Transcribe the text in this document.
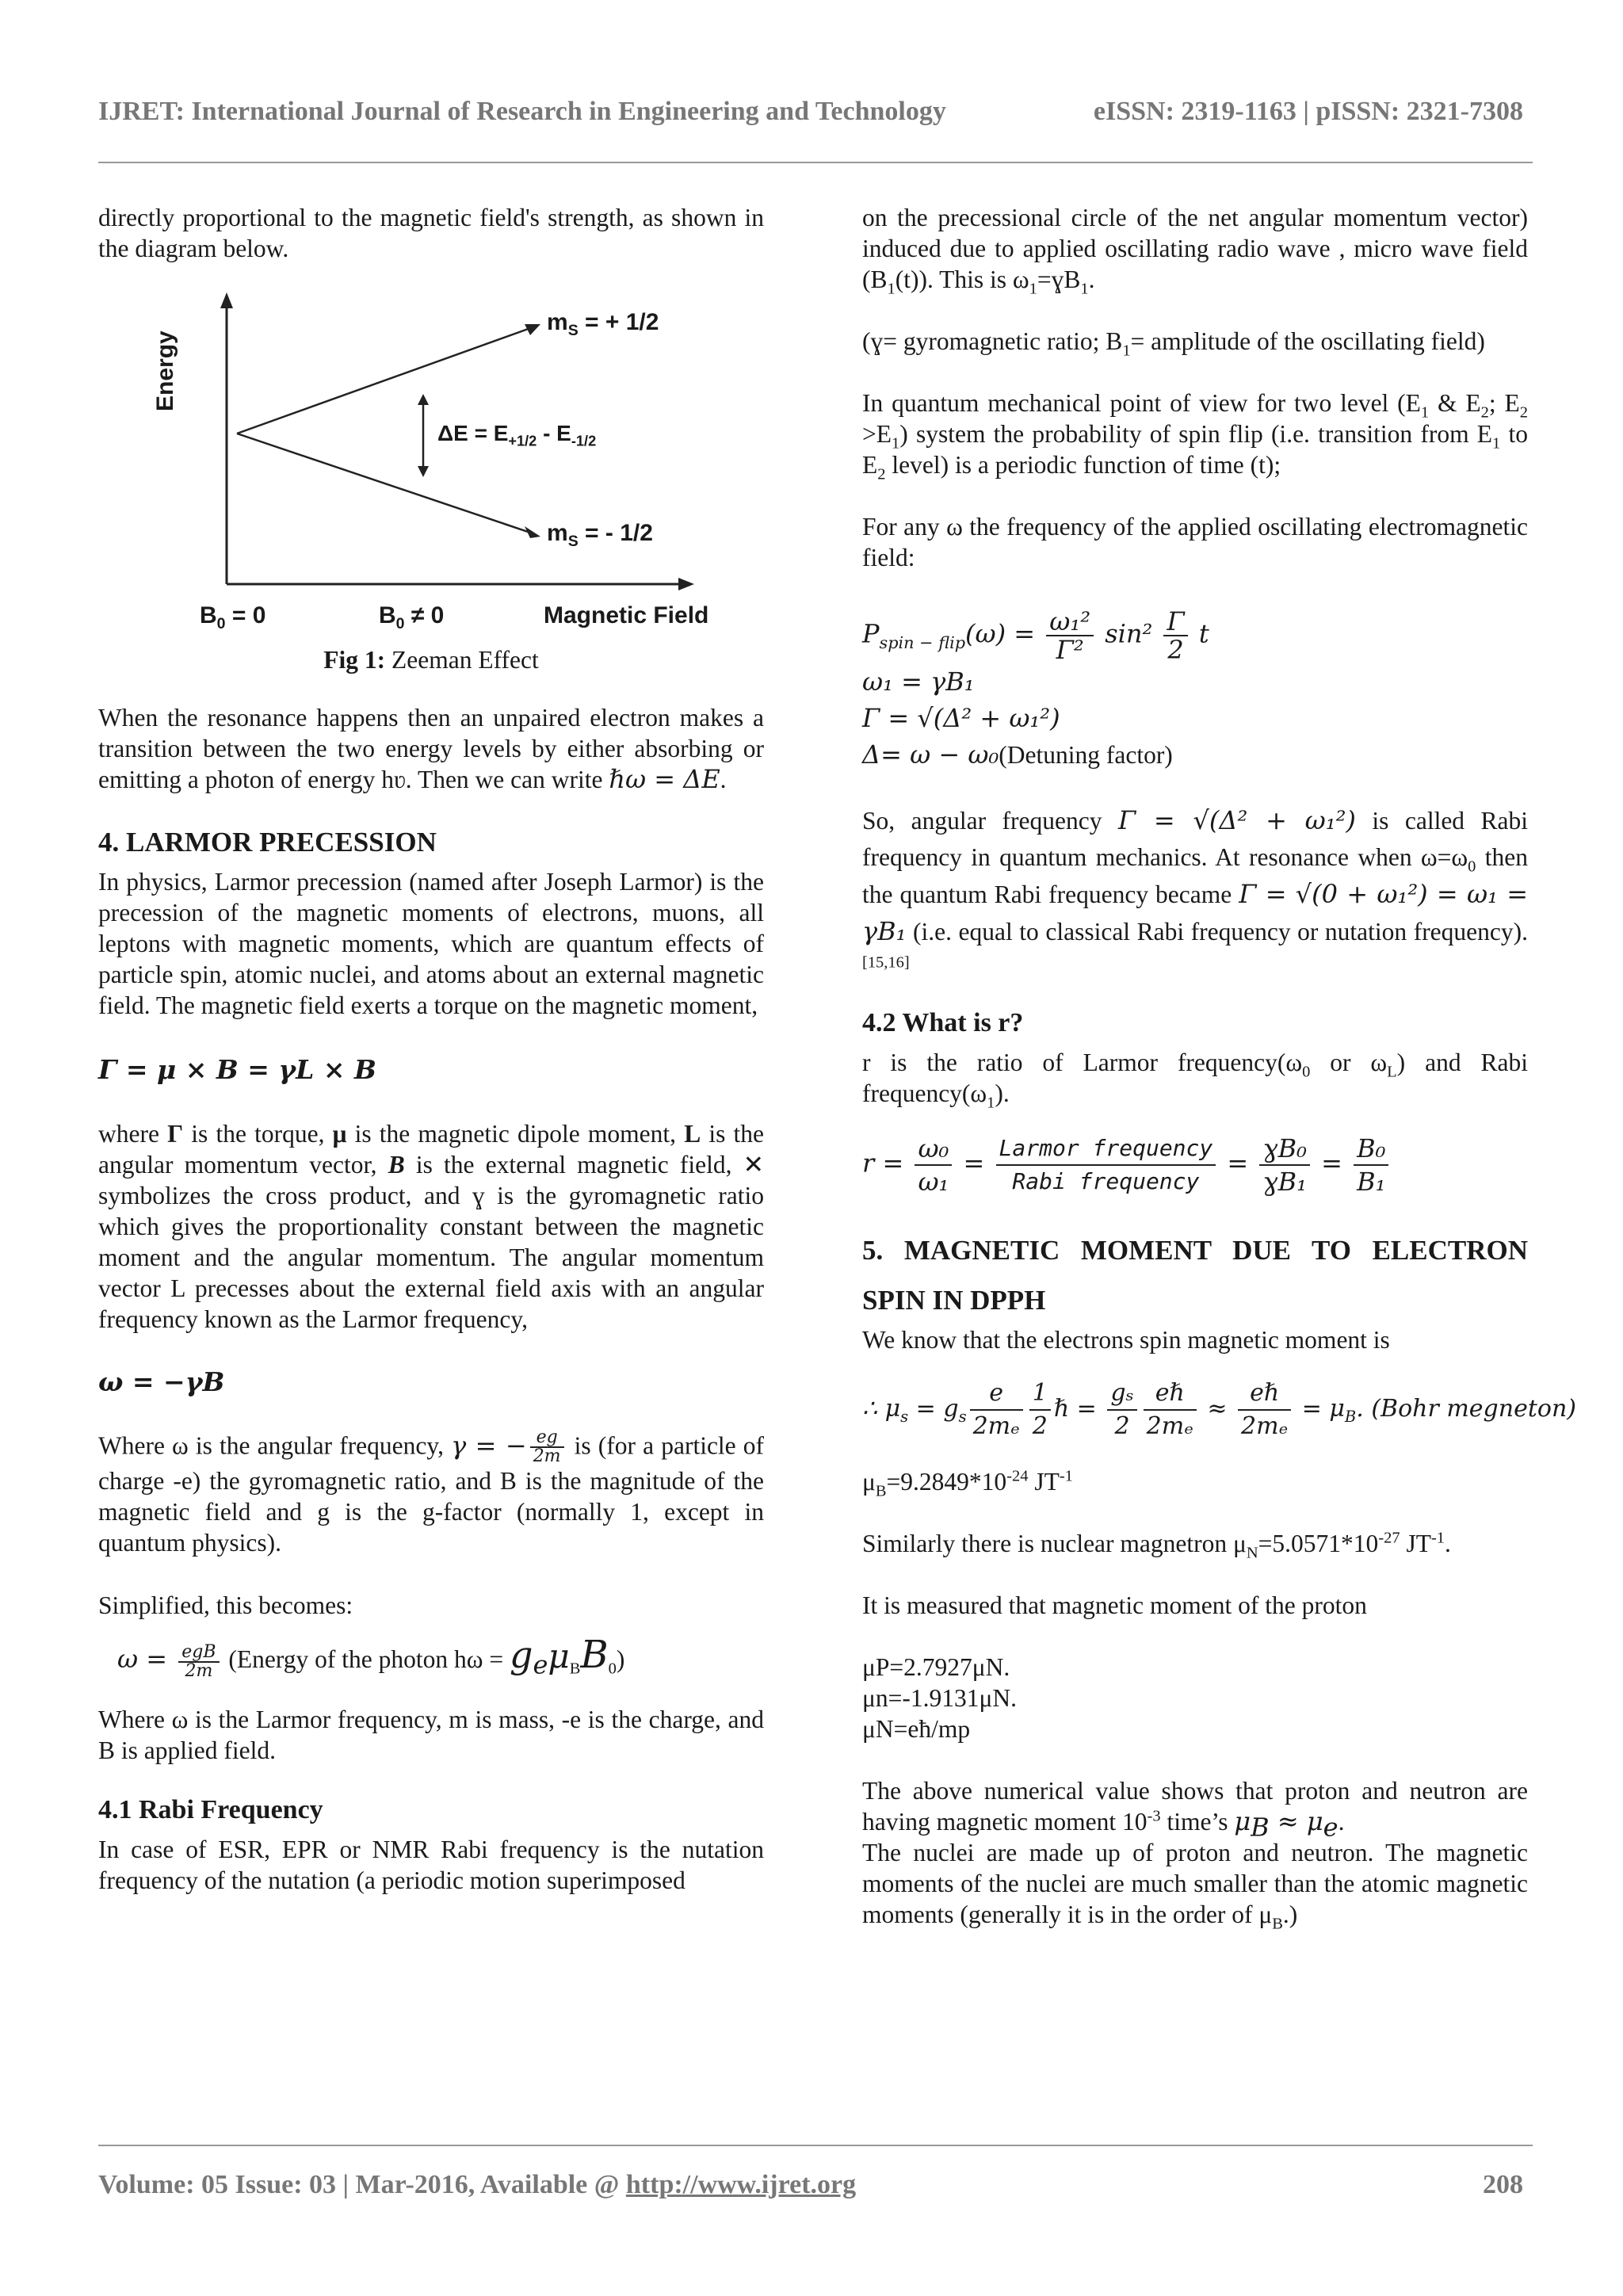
IJRET: International Journal of Research in Engineering and Technology	eISSN: 2319-1163 | pISSN: 2321-7308

directly proportional to the magnetic field's strength, as shown in the diagram below.

Energy
$m_S$ = + 1/2
$m_S$ = - 1/2
$\Delta E = E_{+1/2} - E_{-1/2}$
$B_0 = 0$	$B_0 \ne 0$	Magnetic Field

Fig 1: Zeeman Effect

When the resonance happens then an unpaired electron makes a transition between the two energy levels by either absorbing or emitting a photon of energy hʋ. Then we can write ℏω = ΔE.

4. LARMOR PRECESSION

In physics, Larmor precession (named after Joseph Larmor) is the precession of the magnetic moments of electrons, muons, all leptons with magnetic moments, which are quantum effects of particle spin, atomic nuclei, and atoms about an external magnetic field. The magnetic field exerts a torque on the magnetic moment,

Γ = μ × B = γL × B

where Γ is the torque, μ is the magnetic dipole moment, L is the angular momentum vector, B is the external magnetic field, ✕ symbolizes the cross product, and ɣ is the gyromagnetic ratio which gives the proportionality constant between the magnetic moment and the angular momentum. The angular momentum vector L precesses about the external field axis with an angular frequency known as the Larmor frequency,

ω = −γB

Where ω is the angular frequency, γ = − $\frac{eg}{2m}$ is (for a particle of charge -e) the gyromagnetic ratio, and B is the magnitude of the magnetic field and g is the g-factor (normally 1, except in quantum physics).

Simplified, this becomes:

$\omega = \frac{\text{egB}}{2m}$ (Energy of the photon $h\omega = g_e\mu_BB_0$)

Where ω is the Larmor frequency, m is mass, -e is the charge, and B is applied field.

4.1 Rabi Frequency

In case of ESR, EPR or NMR Rabi frequency is the nutation frequency of the nutation (a periodic motion superimposed

on the precessional circle of the net angular momentum vector) induced due to applied oscillating radio wave , micro wave field $(B_1(t))$. This is $\omega_1=ɣB_1$.

(ɣ= gyromagnetic ratio; $B_1=$ amplitude of the oscillating field)

In quantum mechanical point of view for two level ($E_1$ & $E_2$; $E_2 >E_1$) system the probability of spin flip (i.e. transition from $E_1$ to $E_2$ level) is a periodic function of time (t);

For any ω the frequency of the applied oscillating electromagnetic field:

$P_{spin - flip}(\omega) = \frac{\text{ω₁²}}{\text{Γ²}} \sin^2 \frac{\Gamma}{2}$ t

ω₁ = γB₁

Γ = √(Δ² + ω₁²)

Δ= ω − ω₀(Detuning factor)

So, angular frequency Γ = √(Δ² + ω₁²) is called Rabi frequency in quantum mechanics. At resonance when $\omega=\omega_0$ then the quantum Rabi frequency became Γ = √(0 + ω₁²) = ω₁ = γB₁ (i.e. equal to classical Rabi frequency or nutation frequency).[15,16]

4.2 What is r?

r is the ratio of Larmor $frequency(\omega_0$ or $\omega_L$) and Rabi $frequency(\omega_1)$.

$r = \frac{\text{ω₀}}{\text{ω₁}} = \frac{\text{Larmor frequency}}{\text{Rabi frequency}} = \frac{\text{ɣB₀}}{\text{ɣB₁}} = \frac{\text{B₀}}{\text{B₁}}$

5. MAGNETIC MOMENT DUE TO ELECTRON
SPIN IN DPPH

We know that the electrons spin magnetic moment is

∴ $\mu_s = g_s \frac{e}{\text{2mₑ}} \frac{1}{2}$ ℏ = $\frac{\text{gₛ}}{2} \frac{\text{eℏ}}{\text{2mₑ}} \approx \frac{\text{eℏ}}{\text{2mₑ}} = \mu_B$. (Bohr megneton)

$\mu_B=9.2849*10^{-24}$ $JT^{-1}$

Similarly there is nuclear magnetron $\mu_N=5.0571*10^{-27}$ $JT^{-1}$.

It is measured that magnetic moment of the proton

μP=2.7927μN.

μn=-1.9131μN.

μN=eħ/mp

The above numerical value shows that proton and neutron are having magnetic moment $10^{-3}$ time’s $\mu_B \approx \mu_e$.

The nuclei are made up of proton and neutron. The magnetic moments of the nuclei are much smaller than the atomic magnetic moments (generally it is in the order of $\mu_B$.)

Volume: 05 Issue: 03 | Mar-2016, Available @ http://www.ijret.org	208
